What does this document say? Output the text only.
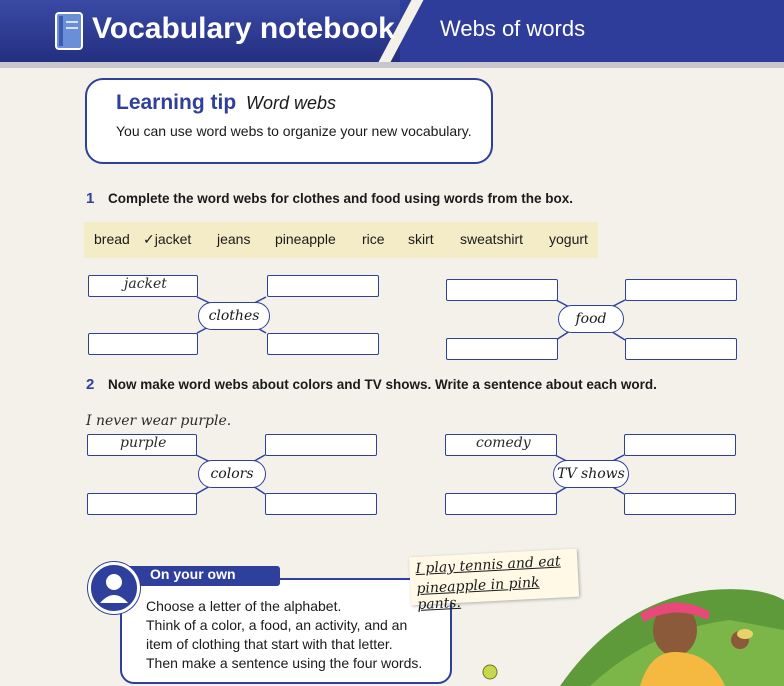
Vocabulary notebook Webs of words
Learning tip Word webs
You can use word webs to organize your new vocabulary.
1 Complete the word webs for clothes and food using words from the box.
bread ✓jacket jeans pineapple rice skirt sweatshirt yogurt
jacket
clothes	food
2 Now make word webs about colors and TV shows. Write a sentence about each word.
I never wear purple.
purple
colors
comedy
TV shows
On your own
Choose a letter of the alphabet.
Think of a color, a food, an activity, and an
item of clothing that start with that letter.
Then make a sentence using the four words.
I play tennis and eat
pineapple in pink pants.
